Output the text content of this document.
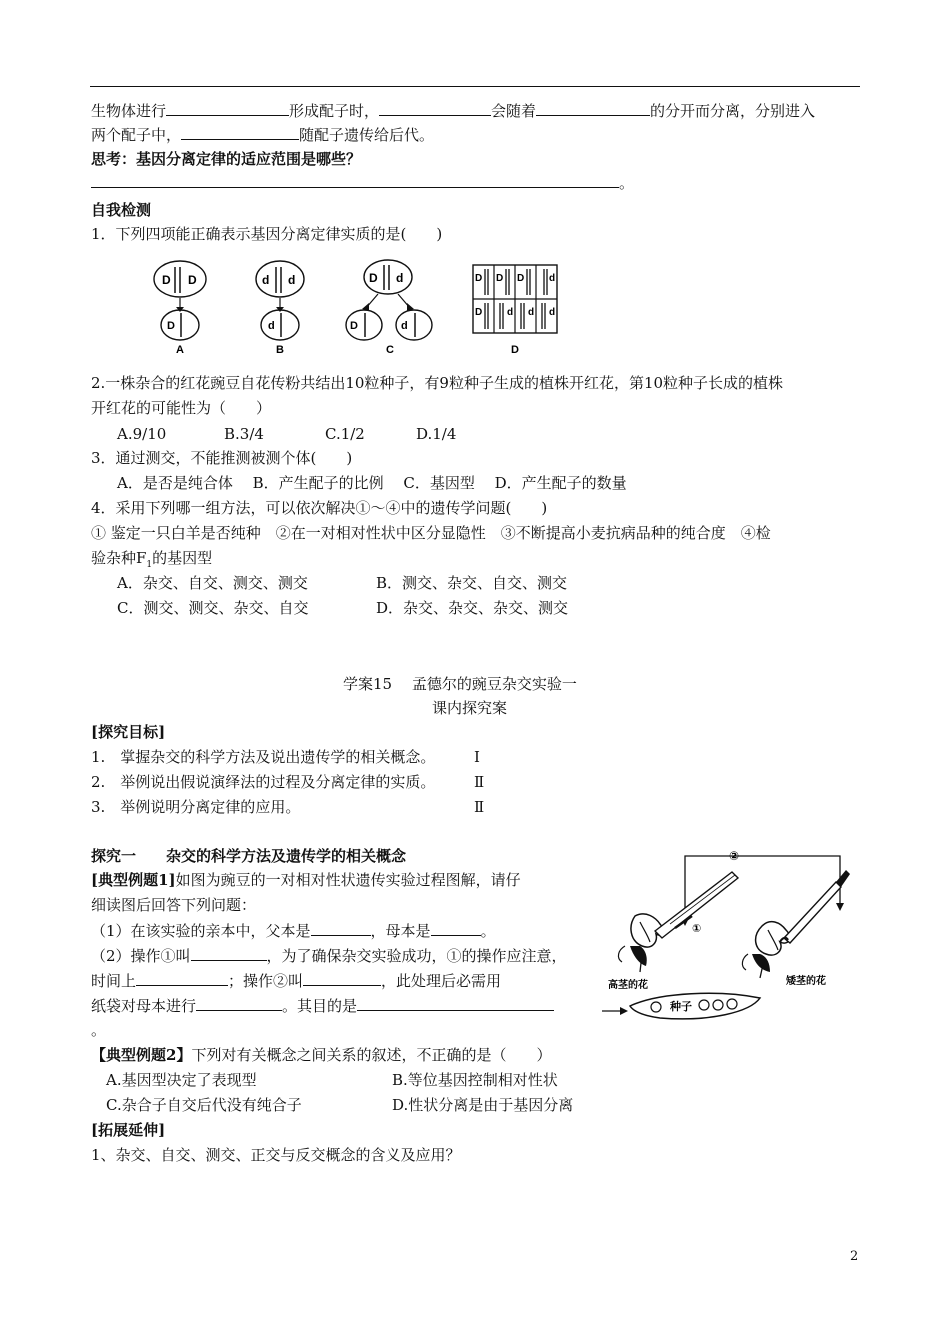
生物体进行	形成配子时，	会随着	的分开而分离，分别进入
两个配子中，	随配子遗传给后代。
思考：基因分离定律的适应范围是哪些？
。
自我检测
1．下列四项能正确表示基因分离定律实质的是(　　)
D D
D
A
d d
d
B
D d
D	d
C
D D D d
D d d d
D
2.一株杂合的红花豌豆自花传粉共结出10粒种子，有9粒种子生成的植株开红花，第10粒种子长成的植株
开红花的可能性为（　　）
A.9/10	B.3/4	C.1/2	D.1/4
3．通过测交，不能推测被测个体(　　)
A．是否是纯合体　 B．产生配子的比例　 C．基因型　 D．产生配子的数量
4．采用下列哪一组方法，可以依次解决①～④中的遗传学问题(　　)
① 鉴定一只白羊是否纯种　②在一对相对性状中区分显隐性　③不断提高小麦抗病品种的纯合度　④检
验杂种$F_1$的基因型
A．杂交、自交、测交、测交	B．测交、杂交、自交、测交
C．测交、测交、杂交、自交	D．杂交、杂交、杂交、测交
学案15　 孟德尔的豌豆杂交实验一
课内探究案
[探究目标]
1.　掌握杂交的科学方法及说出遗传学的相关概念。	Ⅰ
2.　举例说出假说演绎法的过程及分离定律的实质。	Ⅱ
3.　举例说明分离定律的应用。	Ⅱ
探究一　　杂交的科学方法及遗传学的相关概念
[典型例题1]如图为豌豆的一对相对性状遗传实验过程图解，请仔
细读图后回答下列问题：
（1）在该实验的亲本中，父本是	，母本是	。
（2）操作①叫	，为了确保杂交实验成功，①的操作应注意，
时间上	；操作②叫	，此处理后必需用
纸袋对母本进行	。其目的是
。
②
①
高茎的花	矮茎的花
种子
【典型例题2】下列对有关概念之间关系的叙述，不正确的是（　　）
A.基因型决定了表现型	B.等位基因控制相对性状
C.杂合子自交后代没有纯合子	D.性状分离是由于基因分离
[拓展延伸]
1、杂交、自交、测交、正交与反交概念的含义及应用？
2
